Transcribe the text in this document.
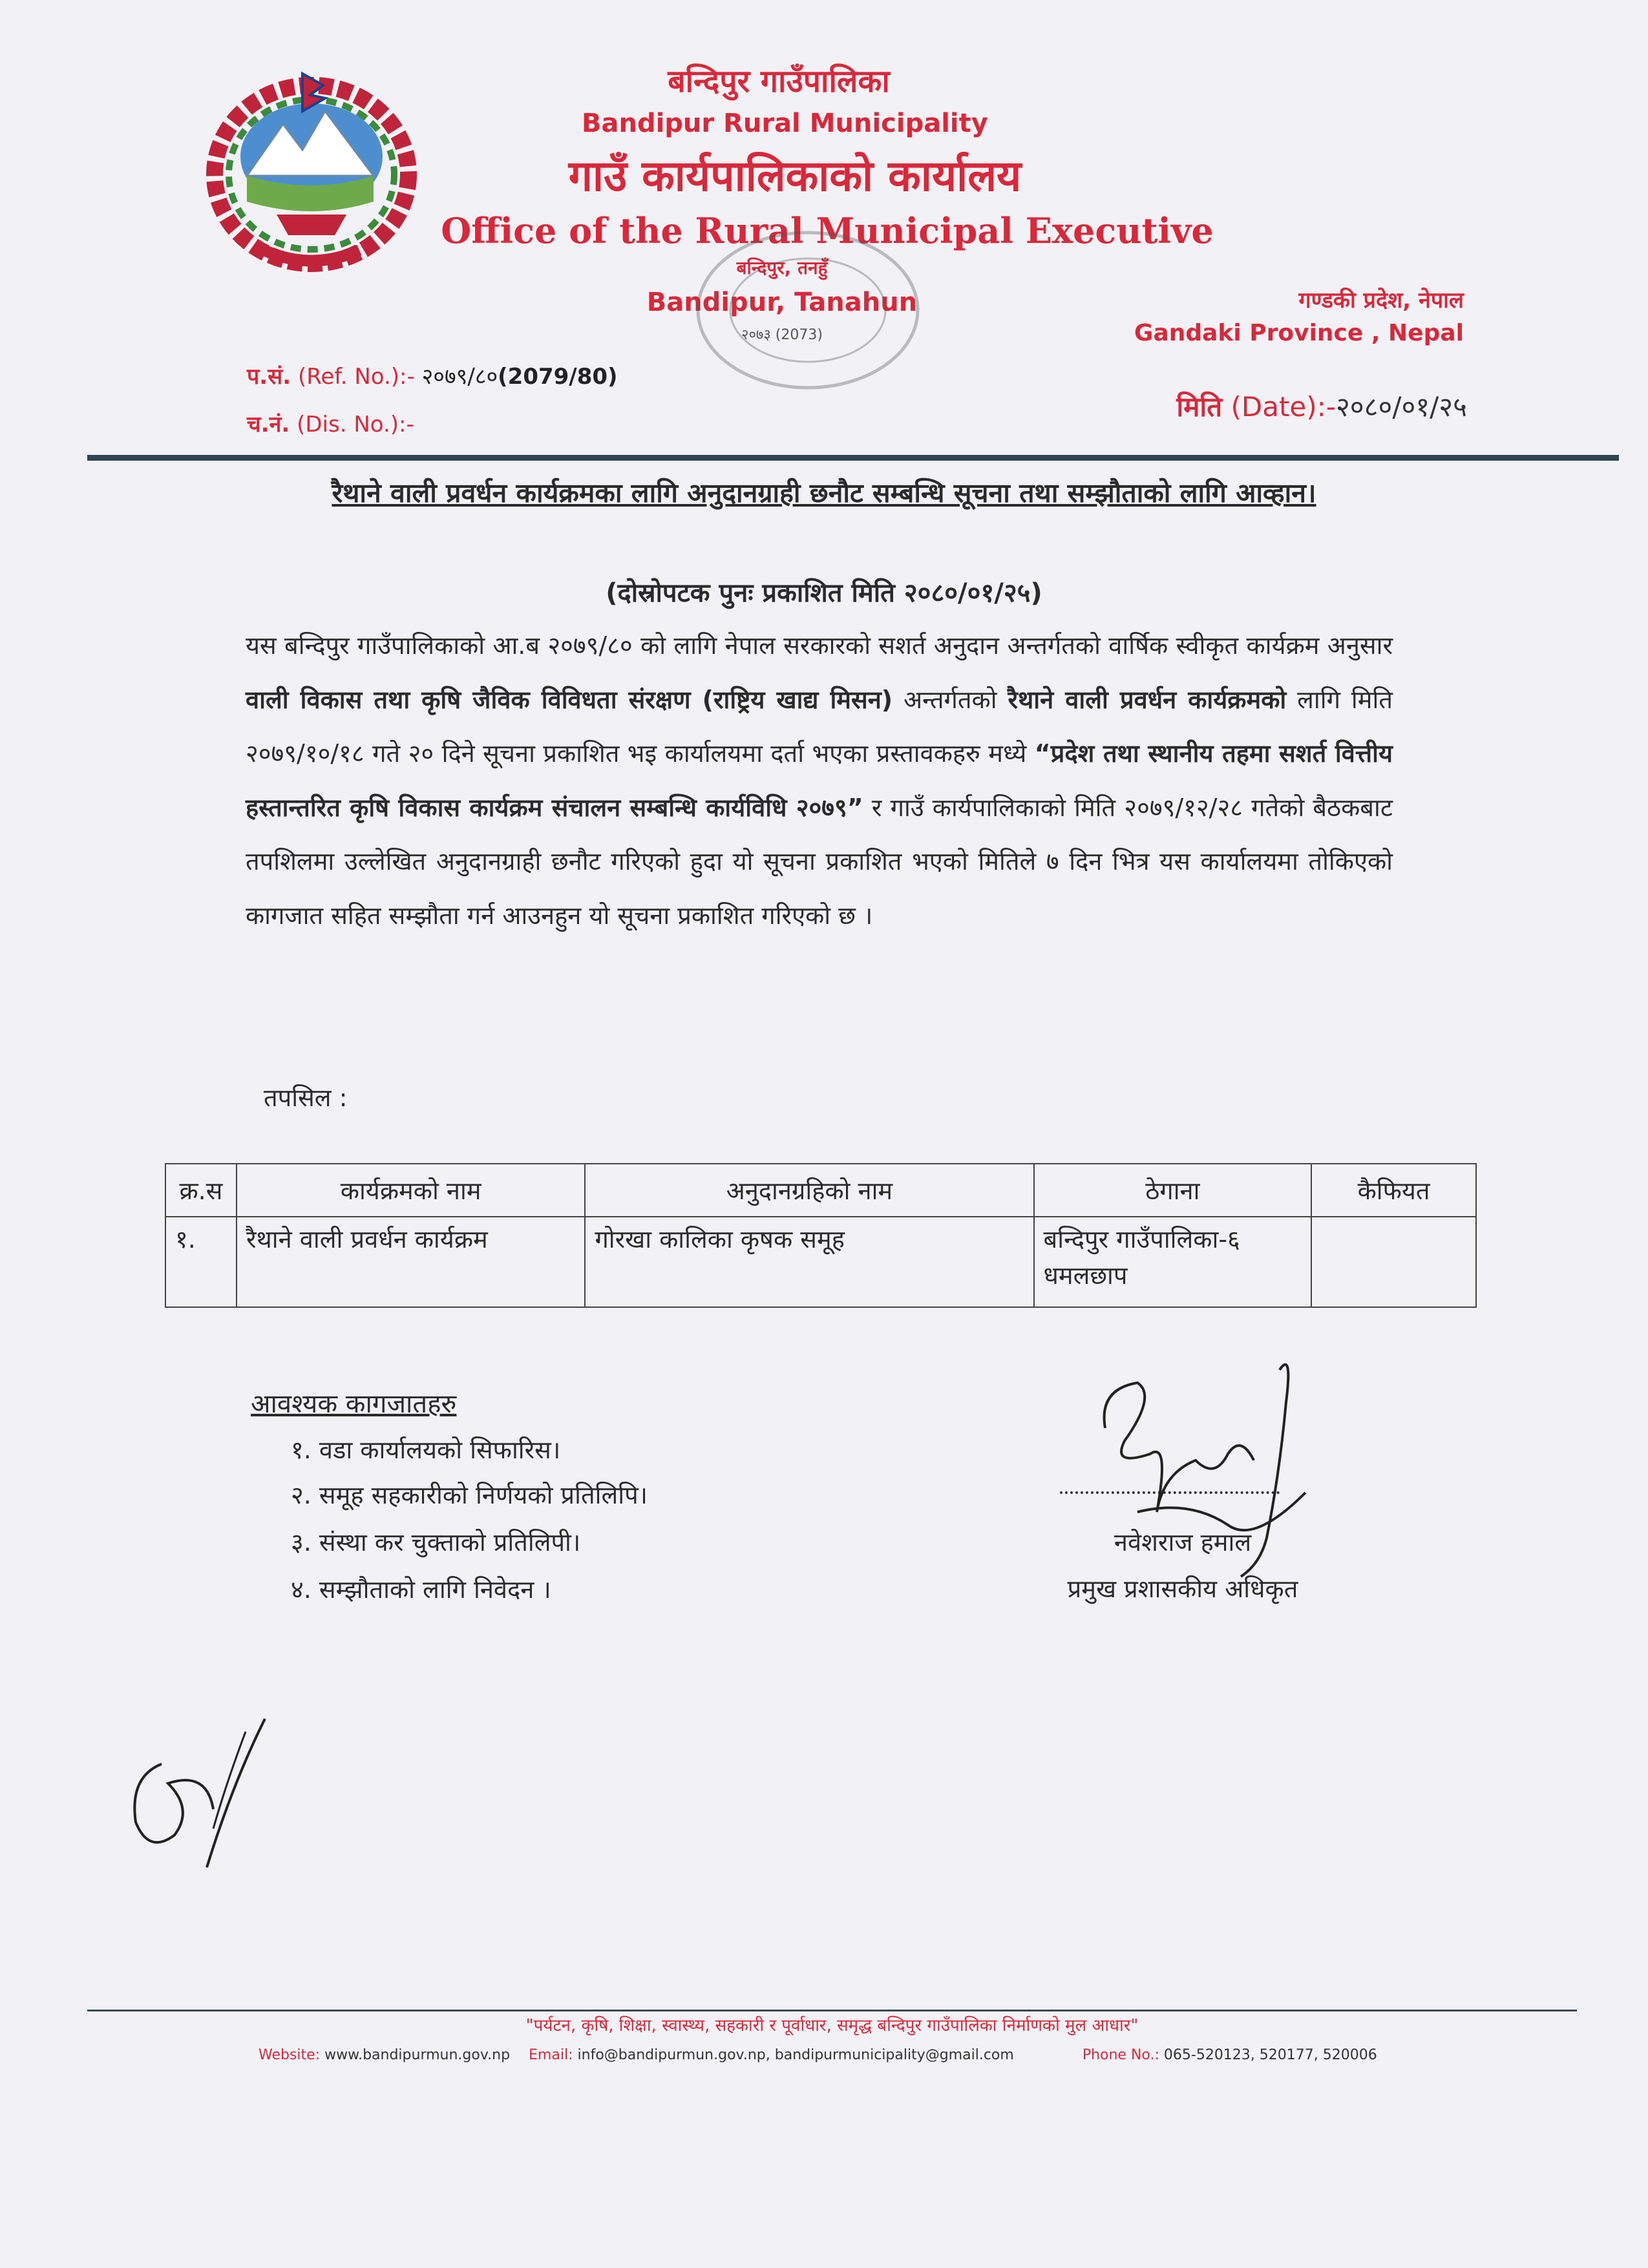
बन्दिपुर गाउँपालिका
Bandipur Rural Municipality
गाउँ कार्यपालिकाको कार्यालय
Office of the Rural Municipal Executive
बन्दिपुर, तनहुँ
Bandipur, Tanahun
२०७३ (2073)
गण्डकी प्रदेश, नेपाल
Gandaki Province , Nepal
प.सं. (Ref. No.):- २०७९/८०(2079/80)
च.नं. (Dis. No.):-
मिति (Date):-२०८०/०१/२५
रैथाने वाली प्रवर्धन कार्यक्रमका लागि अनुदानग्राही छनौट सम्बन्धि सूचना तथा सम्झौताको लागि आव्हान।
(दोस्रोपटक पुनः प्रकाशित मिति २०८०/०१/२५)
यस बन्दिपुर गाउँपालिकाको आ.ब २०७९/८० को लागि नेपाल सरकारको सशर्त अनुदान अन्तर्गतको वार्षिक स्वीकृत कार्यक्रम अनुसार वाली विकास तथा कृषि जैविक विविधता संरक्षण (राष्ट्रिय खाद्य मिसन) अन्तर्गतको रैथाने वाली प्रवर्धन कार्यक्रमको लागि मिति २०७९/१०/१८ गते २० दिने सूचना प्रकाशित भइ कार्यालयमा दर्ता भएका प्रस्तावकहरु मध्ये “प्रदेश तथा स्थानीय तहमा सशर्त वित्तीय हस्तान्तरित कृषि विकास कार्यक्रम संचालन सम्बन्धि कार्यविधि २०७९” र गाउँ कार्यपालिकाको मिति २०७९/१२/२८ गतेको बैठकबाट तपशिलमा उल्लेखित अनुदानग्राही छनौट गरिएको हुदा यो सूचना प्रकाशित भएको मितिले ७ दिन भित्र यस कार्यालयमा तोकिएको कागजात सहित सम्झौता गर्न आउनहुन यो सूचना प्रकाशित गरिएको छ ।
तपसिल :
क्र.स	कार्यक्रमको नाम	अनुदानग्रहिको नाम	ठेगाना	कैफियत
१.	रैथाने वाली प्रवर्धन कार्यक्रम	गोरखा कालिका कृषक समूह	बन्दिपुर गाउँपालिका-६ धमलछाप	
आवश्यक कागजातहरु
१. वडा कार्यालयको सिफारिस।
२. समूह सहकारीको निर्णयको प्रतिलिपि।
३. संस्था कर चुक्ताको प्रतिलिपी।
४. सम्झौताको लागि निवेदन ।
नवेशराज हमाल
प्रमुख प्रशासकीय अधिकृत
"पर्यटन, कृषि, शिक्षा, स्वास्थ्य, सहकारी र पूर्वाधार, समृद्ध बन्दिपुर गाउँपालिका निर्माणको मुल आधार"
Website: www.bandipurmun.gov.np Email: info@bandipurmun.gov.np, bandipurmunicipality@gmail.com	Phone No.: 065-520123, 520177, 520006
